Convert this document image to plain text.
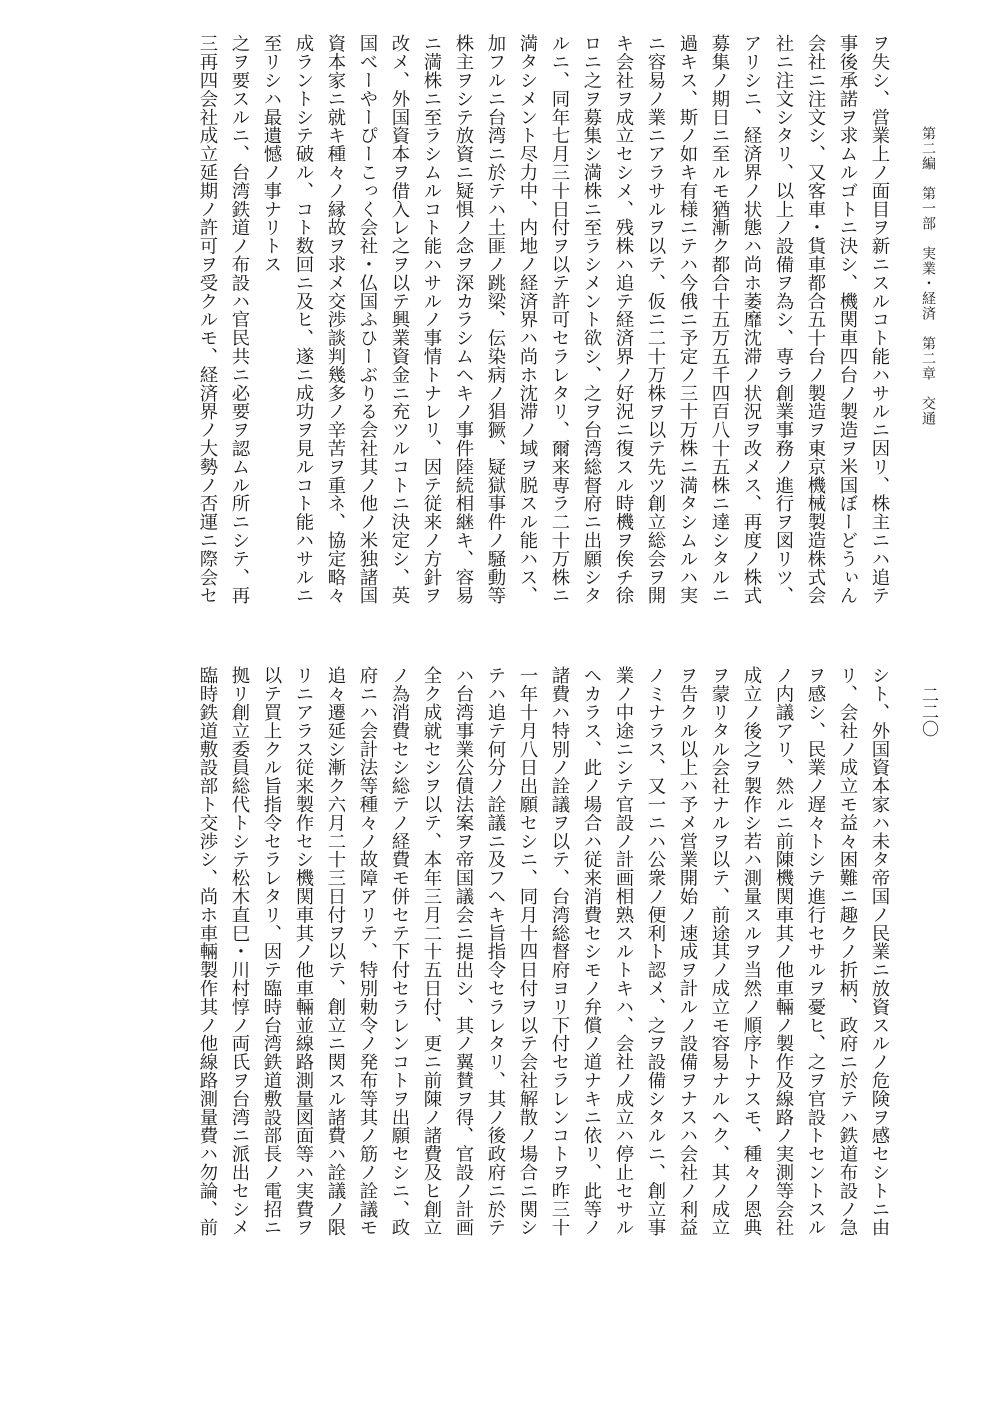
第二編　第一部　実業・経済　第二章　交通
二二〇
ヲ失シ、営業上ノ面目ヲ新ニスルコト能ハサルニ因リ、株主ニハ追テ
事後承諾ヲ求ムルゴトニ決シ、機関車四台ノ製造ヲ米国ぼーどうぃん
会社ニ注文シ、又客車・貨車都合五十台ノ製造ヲ東京機械製造株式会
社ニ注文シタリ、以上ノ設備ヲ為シ、専ラ創業事務ノ進行ヲ図リツ、
アリシニ、経済界ノ状態ハ尚ホ萎靡沈滞ノ状況ヲ改メス、再度ノ株式
募集ノ期日ニ至ルモ猶漸ク都合十五万五千四百八十五株ニ達シタルニ
過キス、斯ノ如キ有様ニテハ今俄ニ予定ノ三十万株ニ満タシムルハ実
ニ容易ノ業ニアラサルヲ以テ、仮ニ二十万株ヲ以テ先ツ創立総会ヲ開
キ会社ヲ成立セシメ、残株ハ追テ経済界ノ好況ニ復スル時機ヲ俟チ徐
ロニ之ヲ募集シ満株ニ至ラシメント欲シ、之ヲ台湾総督府ニ出願シタ
ルニ、同年七月三十日付ヲ以テ許可セラレタリ、爾来専ラ二十万株ニ
満タシメント尽力中、内地ノ経済界ハ尚ホ沈滞ノ域ヲ脱スル能ハス、
加フルニ台湾ニ於テハ土匪ノ跳梁、伝染病ノ猖獗、疑獄事件ノ騒動等
株主ヲシテ放資ニ疑惧ノ念ヲ深カラシムヘキノ事件陸続相継キ、容易
ニ満株ニ至ラシムルコト能ハサルノ事情トナレリ、因テ従来ノ方針ヲ
改メ、外国資本ヲ借入レ之ヲ以テ興業資金ニ充ツルコトニ決定シ、英
国べーやーぴーこっく会社・仏国ふひーぶりる会社其ノ他ノ米独諸国
資本家ニ就キ種々ノ縁故ヲ求メ交渉談判幾多ノ辛苦ヲ重ネ、協定略々
成ラントシテ破ル、コト数回ニ及ヒ、遂ニ成功ヲ見ルコト能ハサルニ
至リシハ最遺憾ノ事ナリトス
之ヲ要スルニ、台湾鉄道ノ布設ハ官民共ニ必要ヲ認ムル所ニシテ、再
三再四会社成立延期ノ許可ヲ受クルモ、経済界ノ大勢ノ否運ニ際会セ
シト、外国資本家ハ未タ帝国ノ民業ニ放資スルノ危険ヲ感セシトニ由
リ、会社ノ成立モ益々困難ニ趣クノ折柄、政府ニ於テハ鉄道布設ノ急
ヲ感シ、民業ノ遅々トシテ進行セサルヲ憂ヒ、之ヲ官設トセントスル
ノ内議アリ、然ルニ前陳機関車其ノ他車輛ノ製作及線路ノ実測等会社
成立ノ後之ヲ製作シ若ハ測量スルヲ当然ノ順序トナスモ、種々ノ恩典
ヲ蒙リタル会社ナルヲ以テ、前途其ノ成立モ容易ナルヘク、其ノ成立
ヲ告クル以上ハ予メ営業開始ノ速成ヲ計ルノ設備ヲナスハ会社ノ利益
ノミナラス、又一ニハ公衆ノ便利ト認メ、之ヲ設備シタルニ、創立事
業ノ中途ニシテ官設ノ計画相熟スルトキハ、会社ノ成立ハ停止セサル
ヘカラス、此ノ場合ハ従来消費セシモノ弁償ノ道ナキニ依リ、此等ノ
諸費ハ特別ノ詮議ヲ以テ、台湾総督府ヨリ下付セラレンコトヲ昨三十
一年十月八日出願セシニ、同月十四日付ヲ以テ会社解散ノ場合ニ関シ
テハ追テ何分ノ詮議ニ及フヘキ旨指令セラレタリ、其ノ後政府ニ於テ
ハ台湾事業公債法案ヲ帝国議会ニ提出シ、其ノ翼賛ヲ得、官設ノ計画
全ク成就セシヲ以テ、本年三月二十五日付、更ニ前陳ノ諸費及ヒ創立
ノ為消費セシ総テノ経費モ併セテ下付セラレンコトヲ出願セシニ、政
府ニハ会計法等種々ノ故障アリテ、特別勅令ノ発布等其ノ筋ノ詮議モ
追々遷延シ漸ク六月二十三日付ヲ以テ、創立ニ関スル諸費ハ詮議ノ限
リニアラス従来製作セシ機関車其ノ他車輛並線路測量図面等ハ実費ヲ
以テ買上クル旨指令セラレタリ、因テ臨時台湾鉄道敷設部長ノ電招ニ
拠リ創立委員総代トシテ松木直巳・川村惇ノ両氏ヲ台湾ニ派出セシメ
臨時鉄道敷設部ト交渉シ、尚ホ車輛製作其ノ他線路測量費ハ勿論、前
